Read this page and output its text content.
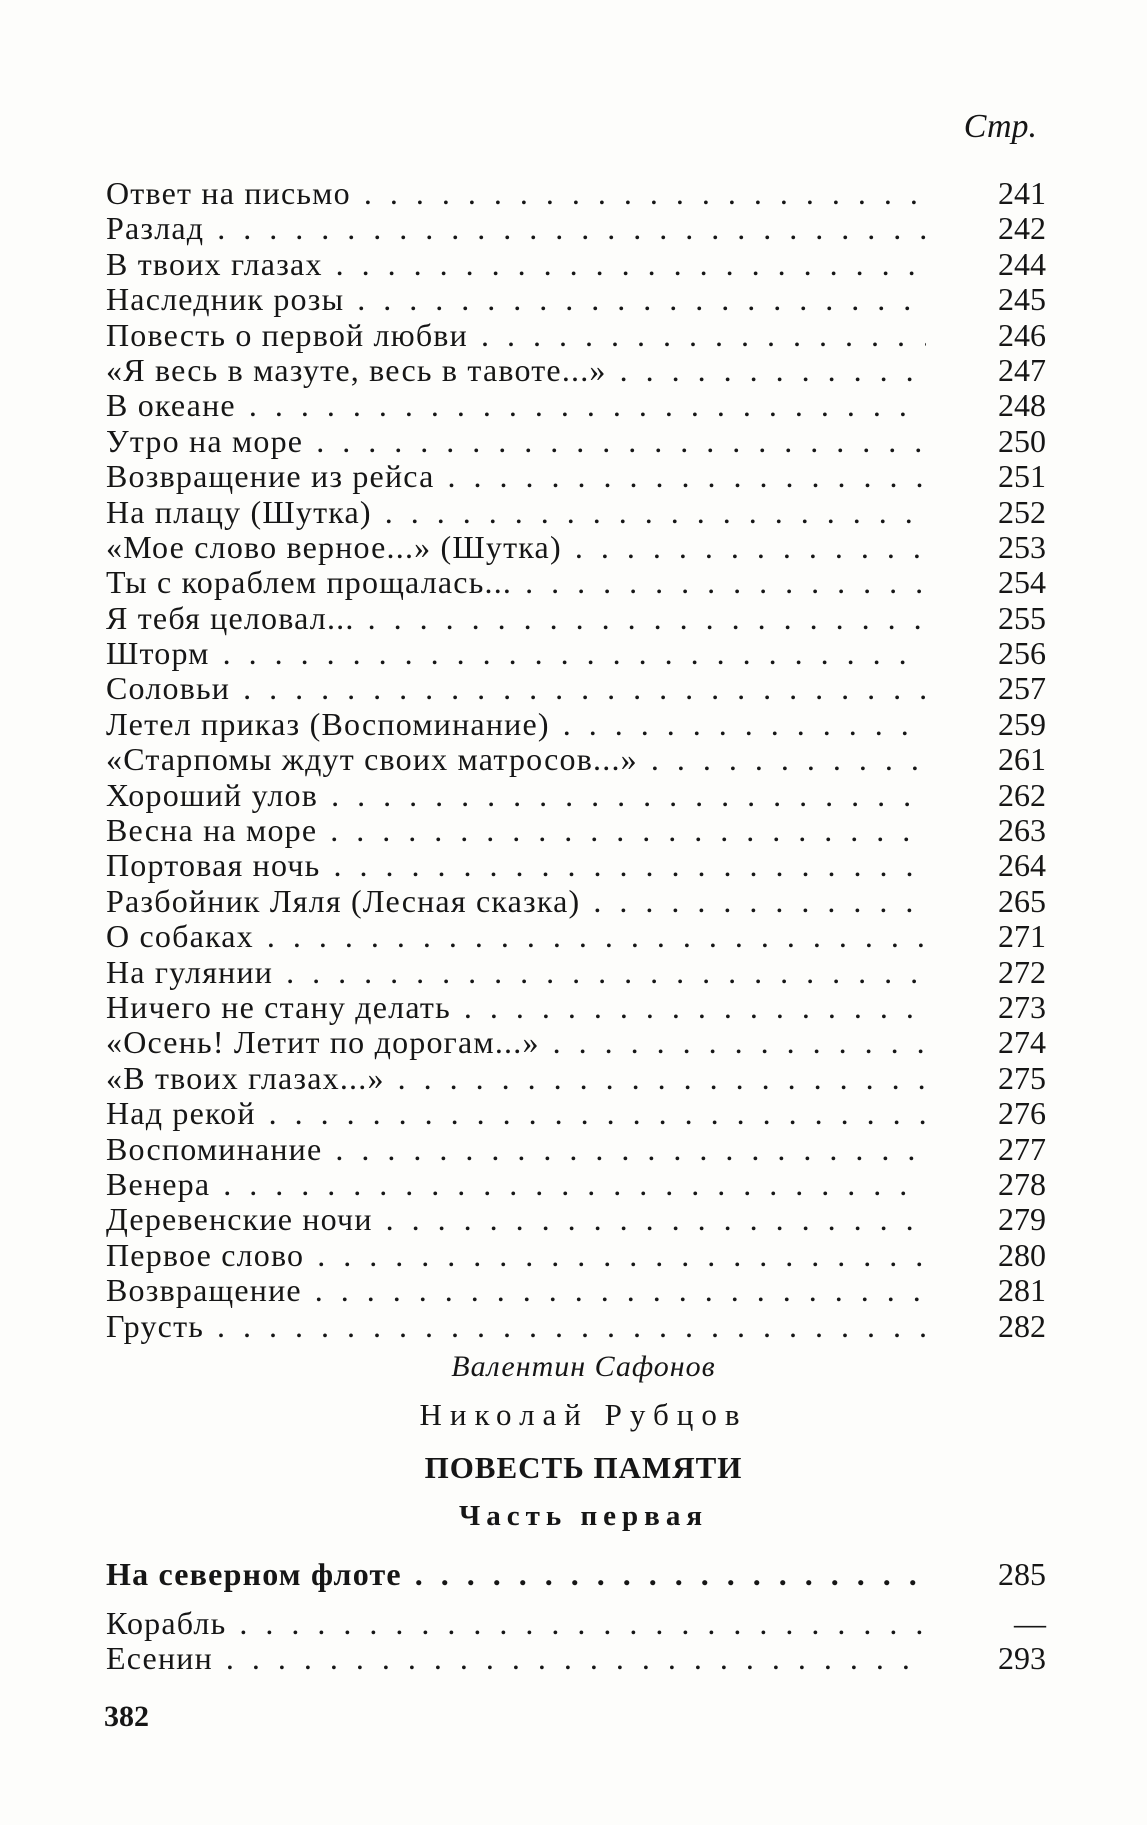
Стр.
Ответ на письмо . . .	241
Разлад . . .	242
В твоих глазах . . .	244
Наследник розы . . .	245
Повесть о первой любви . . .	246
«Я весь в мазуте, весь в тавоте...» . . .	247
В океане . . .	248
Утро на море . . .	250
Возвращение из рейса . . .	251
На плацу (Шутка) . . .	252
«Мое слово верное...» (Шутка) . . .	253
Ты с кораблем прощалась... . . .	254
Я тебя целовал... . . .	255
Шторм . . .	256
Соловьи . . .	257
Летел приказ (Воспоминание) . . .	259
«Старпомы ждут своих матросов...» . . .	261
Хороший улов . . .	262
Весна на море . . .	263
Портовая ночь . . .	264
Разбойник Ляля (Лесная сказка) . . .	265
О собаках . . .	271
На гулянии . . .	272
Ничего не стану делать . . .	273
«Осень! Летит по дорогам...» . . .	274
«В твоих глазах...» . . .	275
Над рекой . . .	276
Воспоминание . . .	277
Венера . . .	278
Деревенские ночи . . .	279
Первое слово . . .	280
Возвращение . . .	281
Грусть . . .	282
Валентин Сафонов
Николай Рубцов
ПОВЕСТЬ ПАМЯТИ
Часть первая
На северном флоте . . .	285
Корабль . . .	—
Есенин . . .	293
382
